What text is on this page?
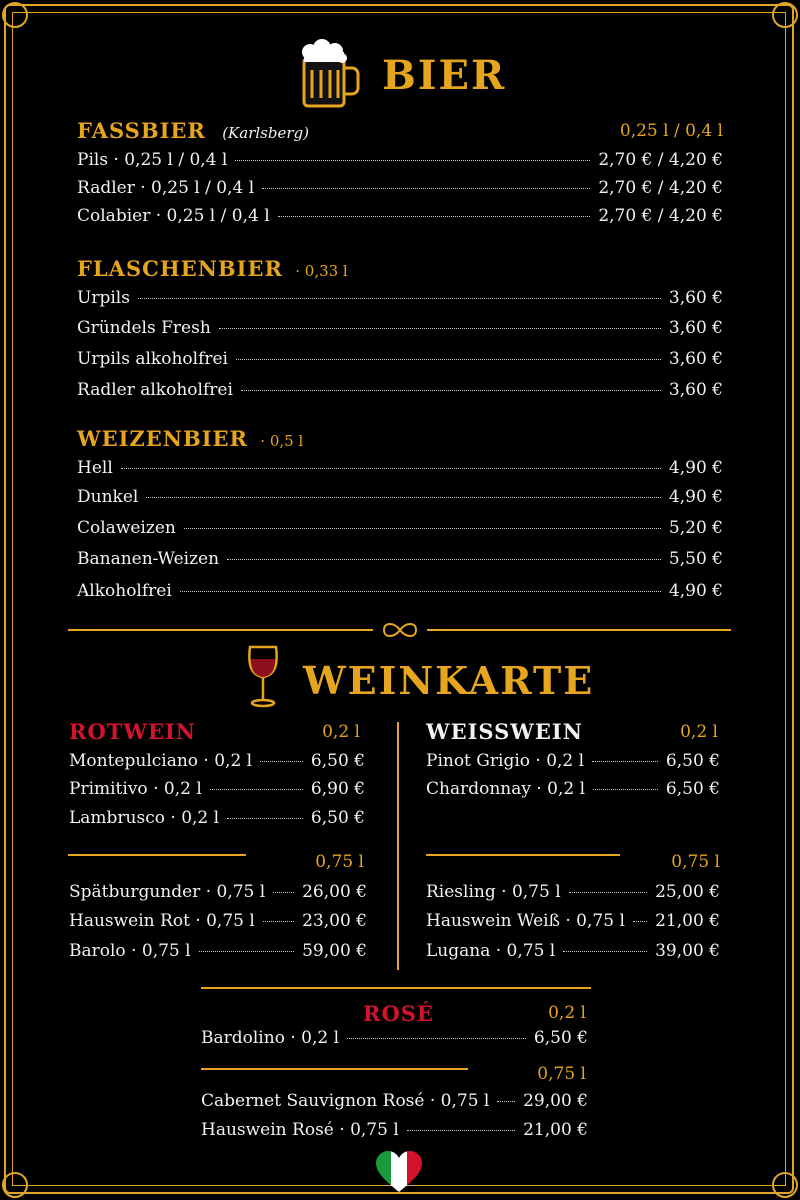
BIER
FASSBIER (Karlsberg)	0,25 l / 0,4 l
Pils · 0,25 l / 0,4 l	2,70 € / 4,20 €
Radler · 0,25 l / 0,4 l	2,70 € / 4,20 €
Colabier · 0,25 l / 0,4 l	2,70 € / 4,20 €
FLASCHENBIER · 0,33 l
Urpils	3,60 €
Gründels Fresh	3,60 €
Urpils alkoholfrei	3,60 €
Radler alkoholfrei	3,60 €
WEIZENBIER · 0,5 l
Hell	4,90 €
Dunkel	4,90 €
Colaweizen	5,20 €
Bananen-Weizen	5,50 €
Alkoholfrei	4,90 €
WEINKARTE
ROTWEIN	0,2 l
Montepulciano · 0,2 l	6,50 €
Primitivo · 0,2 l	6,90 €
Lambrusco · 0,2 l	6,50 €
0,75 l
Spätburgunder · 0,75 l 26,00 €
Hauswein Rot · 0,75 l	23,00 €
Barolo · 0,75 l	59,00 €
WEISSWEIN	0,2 l
Pinot Grigio · 0,2 l	6,50 €
Chardonnay · 0,2 l	6,50 €
0,75 l
Riesling · 0,75 l	25,00 €
Hauswein Weiß · 0,75 l 21,00 €
Lugana · 0,75 l	39,00 €
ROSÉ	0,2 l
Bardolino · 0,2 l	6,50 €
0,75 l
Cabernet Sauvignon Rosé · 0,75 l 29,00 €
Hauswein Rosé · 0,75 l	21,00 €
